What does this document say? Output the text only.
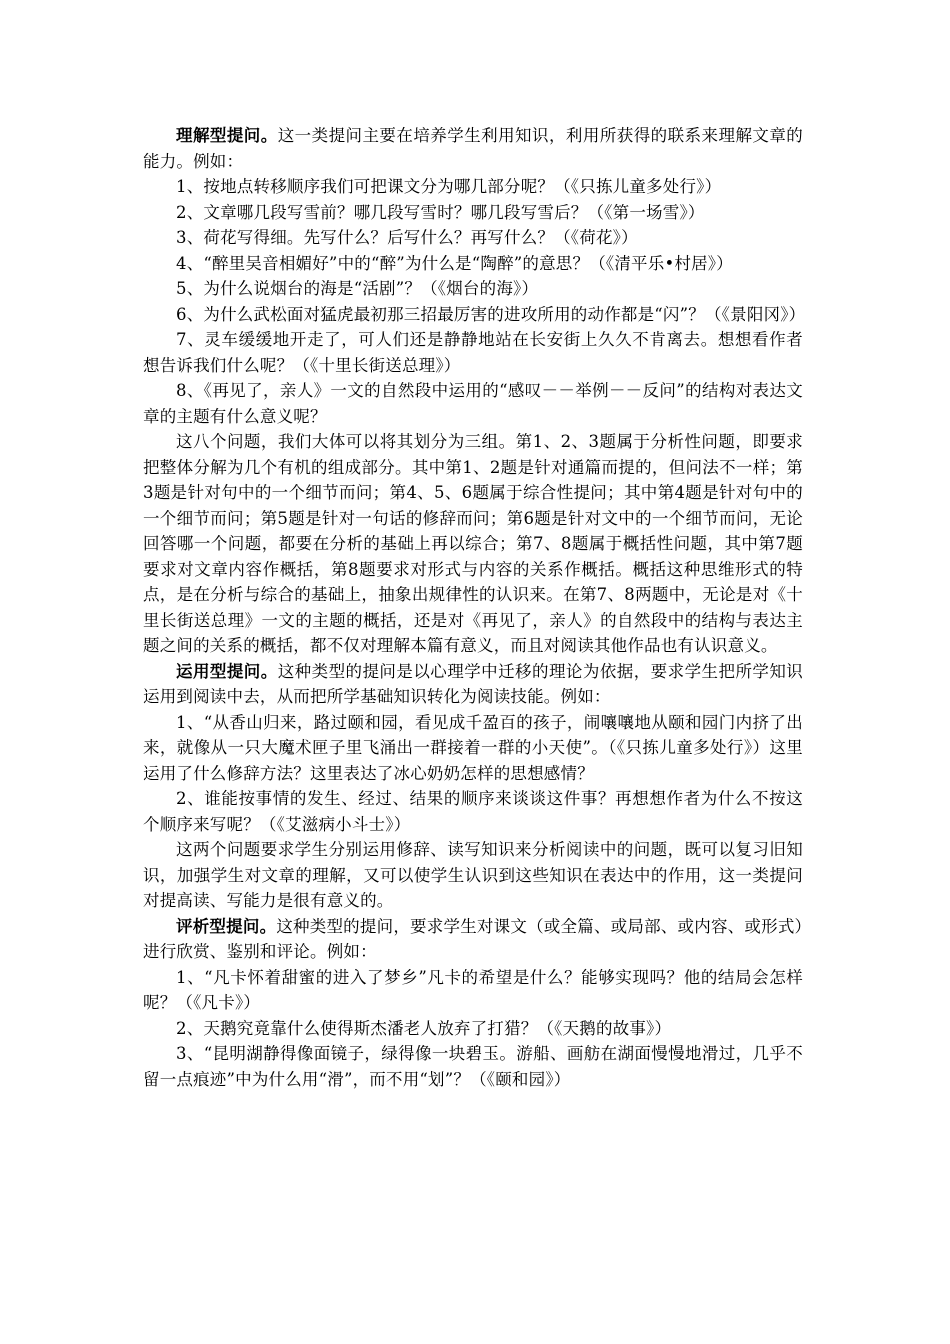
理解型提问。这一类提问主要在培养学生利用知识，利用所获得的联系来理解文章的能力。例如：

1、按地点转移顺序我们可把课文分为哪几部分呢？（《只拣儿童多处行》）

2、文章哪几段写雪前？哪几段写雪时？哪几段写雪后？（《第一场雪》）

3、荷花写得细。先写什么？后写什么？再写什么？（《荷花》）

4、“醉里吴音相媚好”中的“醉”为什么是“陶醉”的意思？（《清平乐•村居》）

5、为什么说烟台的海是“活剧”？（《烟台的海》）

6、为什么武松面对猛虎最初那三招最厉害的进攻所用的动作都是“闪”？（《景阳冈》）

7、灵车缓缓地开走了，可人们还是静静地站在长安街上久久不肯离去。想想看作者想告诉我们什么呢？（《十里长街送总理》）

8、《再见了，亲人》一文的自然段中运用的“感叹－－举例－－反问”的结构对表达文章的主题有什么意义呢？

这八个问题，我们大体可以将其划分为三组。第1、2、3题属于分析性问题，即要求把整体分解为几个有机的组成部分。其中第1、2题是针对通篇而提的，但问法不一样；第3题是针对句中的一个细节而问；第4、5、6题属于综合性提问；其中第4题是针对句中的一个细节而问；第5题是针对一句话的修辞而问；第6题是针对文中的一个细节而问，无论回答哪一个问题，都要在分析的基础上再以综合；第7、8题属于概括性问题，其中第7题要求对文章内容作概括，第8题要求对形式与内容的关系作概括。概括这种思维形式的特点，是在分析与综合的基础上，抽象出规律性的认识来。在第7、8两题中，无论是对《十里长街送总理》一文的主题的概括，还是对《再见了，亲人》的自然段中的结构与表达主题之间的关系的概括，都不仅对理解本篇有意义，而且对阅读其他作品也有认识意义。

运用型提问。这种类型的提问是以心理学中迁移的理论为依据，要求学生把所学知识运用到阅读中去，从而把所学基础知识转化为阅读技能。例如：

1、“从香山归来，路过颐和园，看见成千盈百的孩子，闹嚷嚷地从颐和园门内挤了出来，就像从一只大魔术匣子里飞涌出一群接着一群的小天使”。（《只拣儿童多处行》）这里运用了什么修辞方法？这里表达了冰心奶奶怎样的思想感情？

2、谁能按事情的发生、经过、结果的顺序来谈谈这件事？再想想作者为什么不按这个顺序来写呢？（《艾滋病小斗士》）

这两个问题要求学生分别运用修辞、读写知识来分析阅读中的问题，既可以复习旧知识，加强学生对文章的理解，又可以使学生认识到这些知识在表达中的作用，这一类提问对提高读、写能力是很有意义的。

评析型提问。这种类型的提问，要求学生对课文（或全篇、或局部、或内容、或形式）进行欣赏、鉴别和评论。例如：

1、“凡卡怀着甜蜜的进入了梦乡”凡卡的希望是什么？能够实现吗？他的结局会怎样呢？（《凡卡》）

2、天鹅究竟靠什么使得斯杰潘老人放弃了打猎？（《天鹅的故事》）

3、“昆明湖静得像面镜子，绿得像一块碧玉。游船、画舫在湖面慢慢地滑过，几乎不留一点痕迹”中为什么用“滑”，而不用“划”？（《颐和园》）
